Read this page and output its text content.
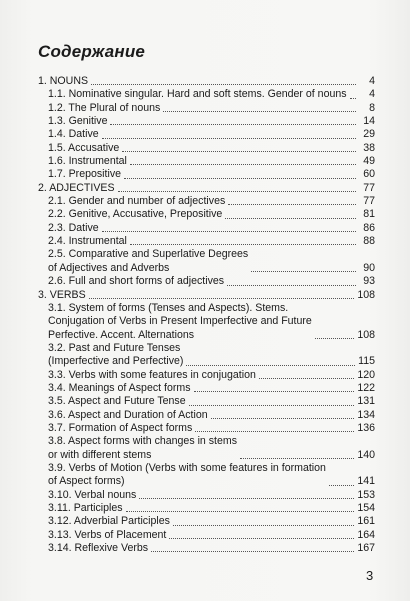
Содержание
1. NOUNS	4
1.1. Nominative singular. Hard and soft stems. Gender of nouns	4
1.2. The Plural of nouns	8
1.3. Genitive	14
1.4. Dative	29
1.5. Accusative	38
1.6. Instrumental	49
1.7. Prepositive	60
2. ADJECTIVES	77
2.1. Gender and number of adjectives	77
2.2. Genitive, Accusative, Prepositive	81
2.3. Dative	86
2.4. Instrumental	88
2.5. Comparative and Superlative Degrees
of Adjectives and Adverbs	90
2.6. Full and short forms of adjectives	93
3. VERBS	108
3.1. System of forms (Tenses and Aspects). Stems.
Conjugation of Verbs in Present Imperfective and Future
Perfective. Accent. Alternations	108
3.2. Past and Future Tenses
(Imperfective and Perfective)	115
3.3. Verbs with some features in conjugation	120
3.4. Meanings of Aspect forms	122
3.5. Aspect and Future Tense	131
3.6. Aspect and Duration of Action	134
3.7. Formation of Aspect forms	136
3.8. Aspect forms with changes in stems
or with different stems	140
3.9. Verbs of Motion (Verbs with some features in formation
of Aspect forms)	141
3.10. Verbal nouns	153
3.11. Participles	154
3.12. Adverbial Participles	161
3.13. Verbs of Placement	164
3.14. Reflexive Verbs	167
3
